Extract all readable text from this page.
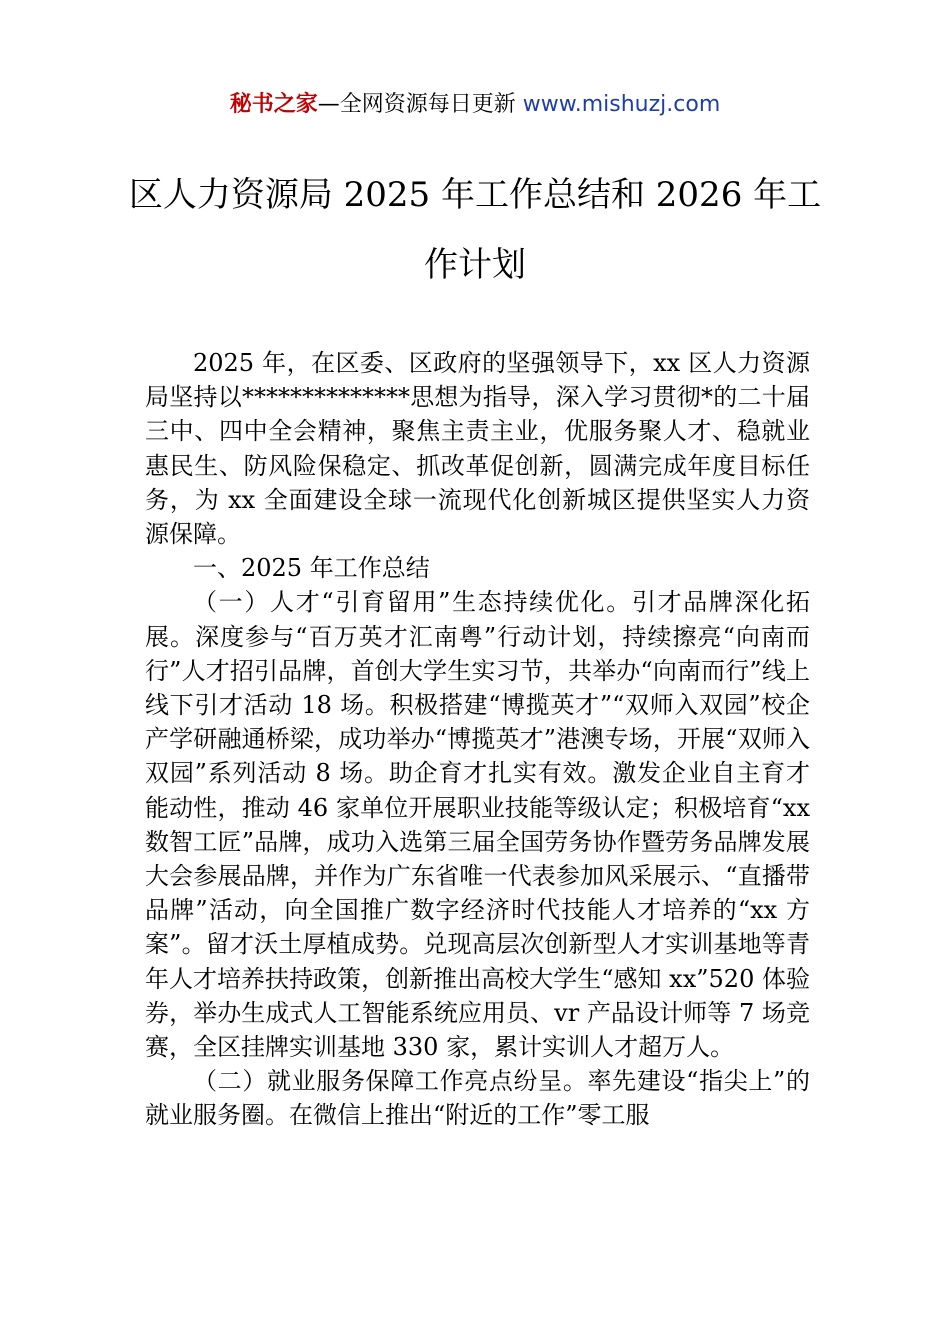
秘书之家—全网资源每日更新 www.mishuzj.com
区人力资源局 2025 年工作总结和 2026 年工作计划

2025 年，在区委、区政府的坚强领导下，xx 区人力资源局坚持以**************思想为指导，深入学习贯彻*的二十届三中、四中全会精神，聚焦主责主业，优服务聚人才、稳就业惠民生、防风险保稳定、抓改革促创新，圆满完成年度目标任务，为 xx 全面建设全球一流现代化创新城区提供坚实人力资源保障。

一、2025 年工作总结

（一）人才“引育留用”生态持续优化。引才品牌深化拓展。深度参与“百万英才汇南粤”行动计划，持续擦亮“向南而行”人才招引品牌，首创大学生实习节，共举办“向南而行”线上线下引才活动 18 场。积极搭建“博揽英才”“双师入双园”校企产学研融通桥梁，成功举办“博揽英才”港澳专场，开展“双师入双园”系列活动 8 场。助企育才扎实有效。激发企业自主育才能动性，推动 46 家单位开展职业技能等级认定；积极培育“xx 数智工匠”品牌，成功入选第三届全国劳务协作暨劳务品牌发展大会参展品牌，并作为广东省唯一代表参加风采展示、“直播带品牌”活动，向全国推广数字经济时代技能人才培养的“xx 方案”。留才沃土厚植成势。兑现高层次创新型人才实训基地等青年人才培养扶持政策，创新推出高校大学生“感知 xx”520 体验券，举办生成式人工智能系统应用员、vr 产品设计师等 7 场竞赛，全区挂牌实训基地 330 家，累计实训人才超万人。

（二）就业服务保障工作亮点纷呈。率先建设“指尖上”的就业服务圈。在微信上推出“附近的工作”零工服
